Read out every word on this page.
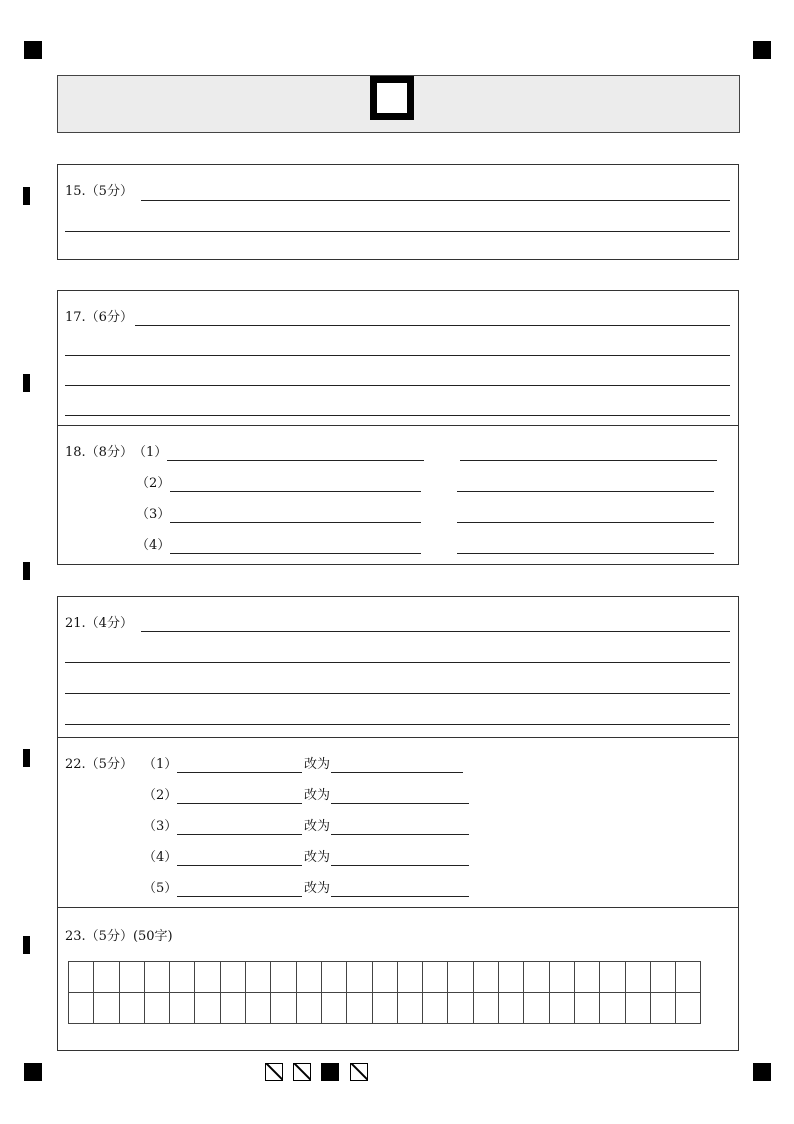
15.（5分）
17.（6分）
18.（8分） （1）
（2）
（3）
（4）
21.（4分）
22.（5分） （1）	改为
（2）	改为
（3）	改为
（4）	改为
（5）	改为
23.（5分）(50字)
